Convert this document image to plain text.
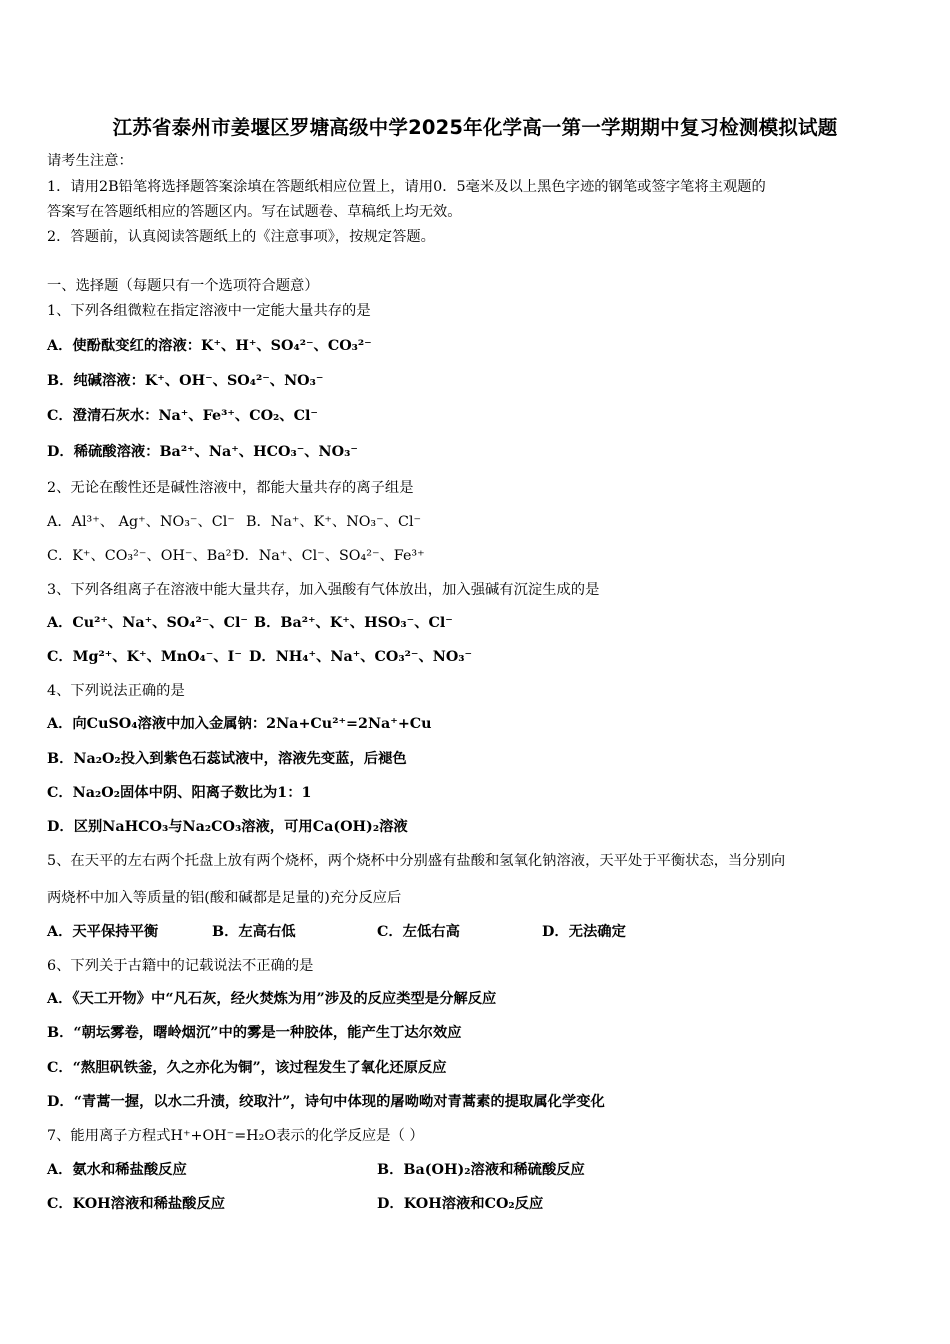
江苏省泰州市姜堰区罗塘高级中学2025年化学高一第一学期期中复习检测模拟试题
请考生注意：
1．请用2B铅笔将选择题答案涂填在答题纸相应位置上，请用0．5毫米及以上黑色字迹的钢笔或签字笔将主观题的
答案写在答题纸相应的答题区内。写在试题卷、草稿纸上均无效。
2．答题前，认真阅读答题纸上的《注意事项》，按规定答题。
一、选择题（每题只有一个选项符合题意）
1、下列各组微粒在指定溶液中一定能大量共存的是
A．使酚酞变红的溶液：K⁺、H⁺、SO₄²⁻、CO₃²⁻
B．纯碱溶液：K⁺、OH⁻、SO₄²⁻、NO₃⁻
C．澄清石灰水：Na⁺、Fe³⁺、CO₂、Cl⁻
D．稀硫酸溶液：Ba²⁺、Na⁺、HCO₃⁻、NO₃⁻
2、无论在酸性还是碱性溶液中，都能大量共存的离子组是
A．Al³⁺、 Ag⁺、NO₃⁻、Cl⁻ B．Na⁺、K⁺、NO₃⁻、Cl⁻
C．K⁺、CO₃²⁻、OH⁻、Ba²⁺
D．Na⁺、Cl⁻、SO₄²⁻、Fe³⁺
3、下列各组离子在溶液中能大量共存，加入强酸有气体放出，加入强碱有沉淀生成的是
A．Cu²⁺、Na⁺、SO₄²⁻、Cl⁻ B．Ba²⁺、K⁺、HSO₃⁻、Cl⁻
C．Mg²⁺、K⁺、MnO₄⁻、I⁻ D．NH₄⁺、Na⁺、CO₃²⁻、NO₃⁻
4、下列说法正确的是
A．向CuSO₄溶液中加入金属钠：2Na+Cu²⁺=2Na⁺+Cu
B．Na₂O₂投入到紫色石蕊试液中，溶液先变蓝，后褪色
C．Na₂O₂固体中阴、阳离子数比为1：1
D．区别NaHCO₃与Na₂CO₃溶液，可用Ca(OH)₂溶液
5、在天平的左右两个托盘上放有两个烧杯，两个烧杯中分别盛有盐酸和氢氧化钠溶液，天平处于平衡状态，当分别向
两烧杯中加入等质量的铝(酸和碱都是足量的)充分反应后
A．天平保持平衡	B．左高右低	C．左低右高	D．无法确定
6、下列关于古籍中的记载说法不正确的是
A．《天工开物》中“凡石灰，经火焚炼为用”涉及的反应类型是分解反应
B．“朝坛雾卷，曙岭烟沉”中的雾是一种胶体，能产生丁达尔效应
C．“熬胆矾铁釜，久之亦化为铜”，该过程发生了氧化还原反应
D．“青蒿一握，以水二升渍，绞取汁”，诗句中体现的屠呦呦对青蒿素的提取属化学变化
7、能用离子方程式H⁺+OH⁻=H₂O表示的化学反应是（ ）
A．氨水和稀盐酸反应	B．Ba(OH)₂溶液和稀硫酸反应
C．KOH溶液和稀盐酸反应	D．KOH溶液和CO₂反应
